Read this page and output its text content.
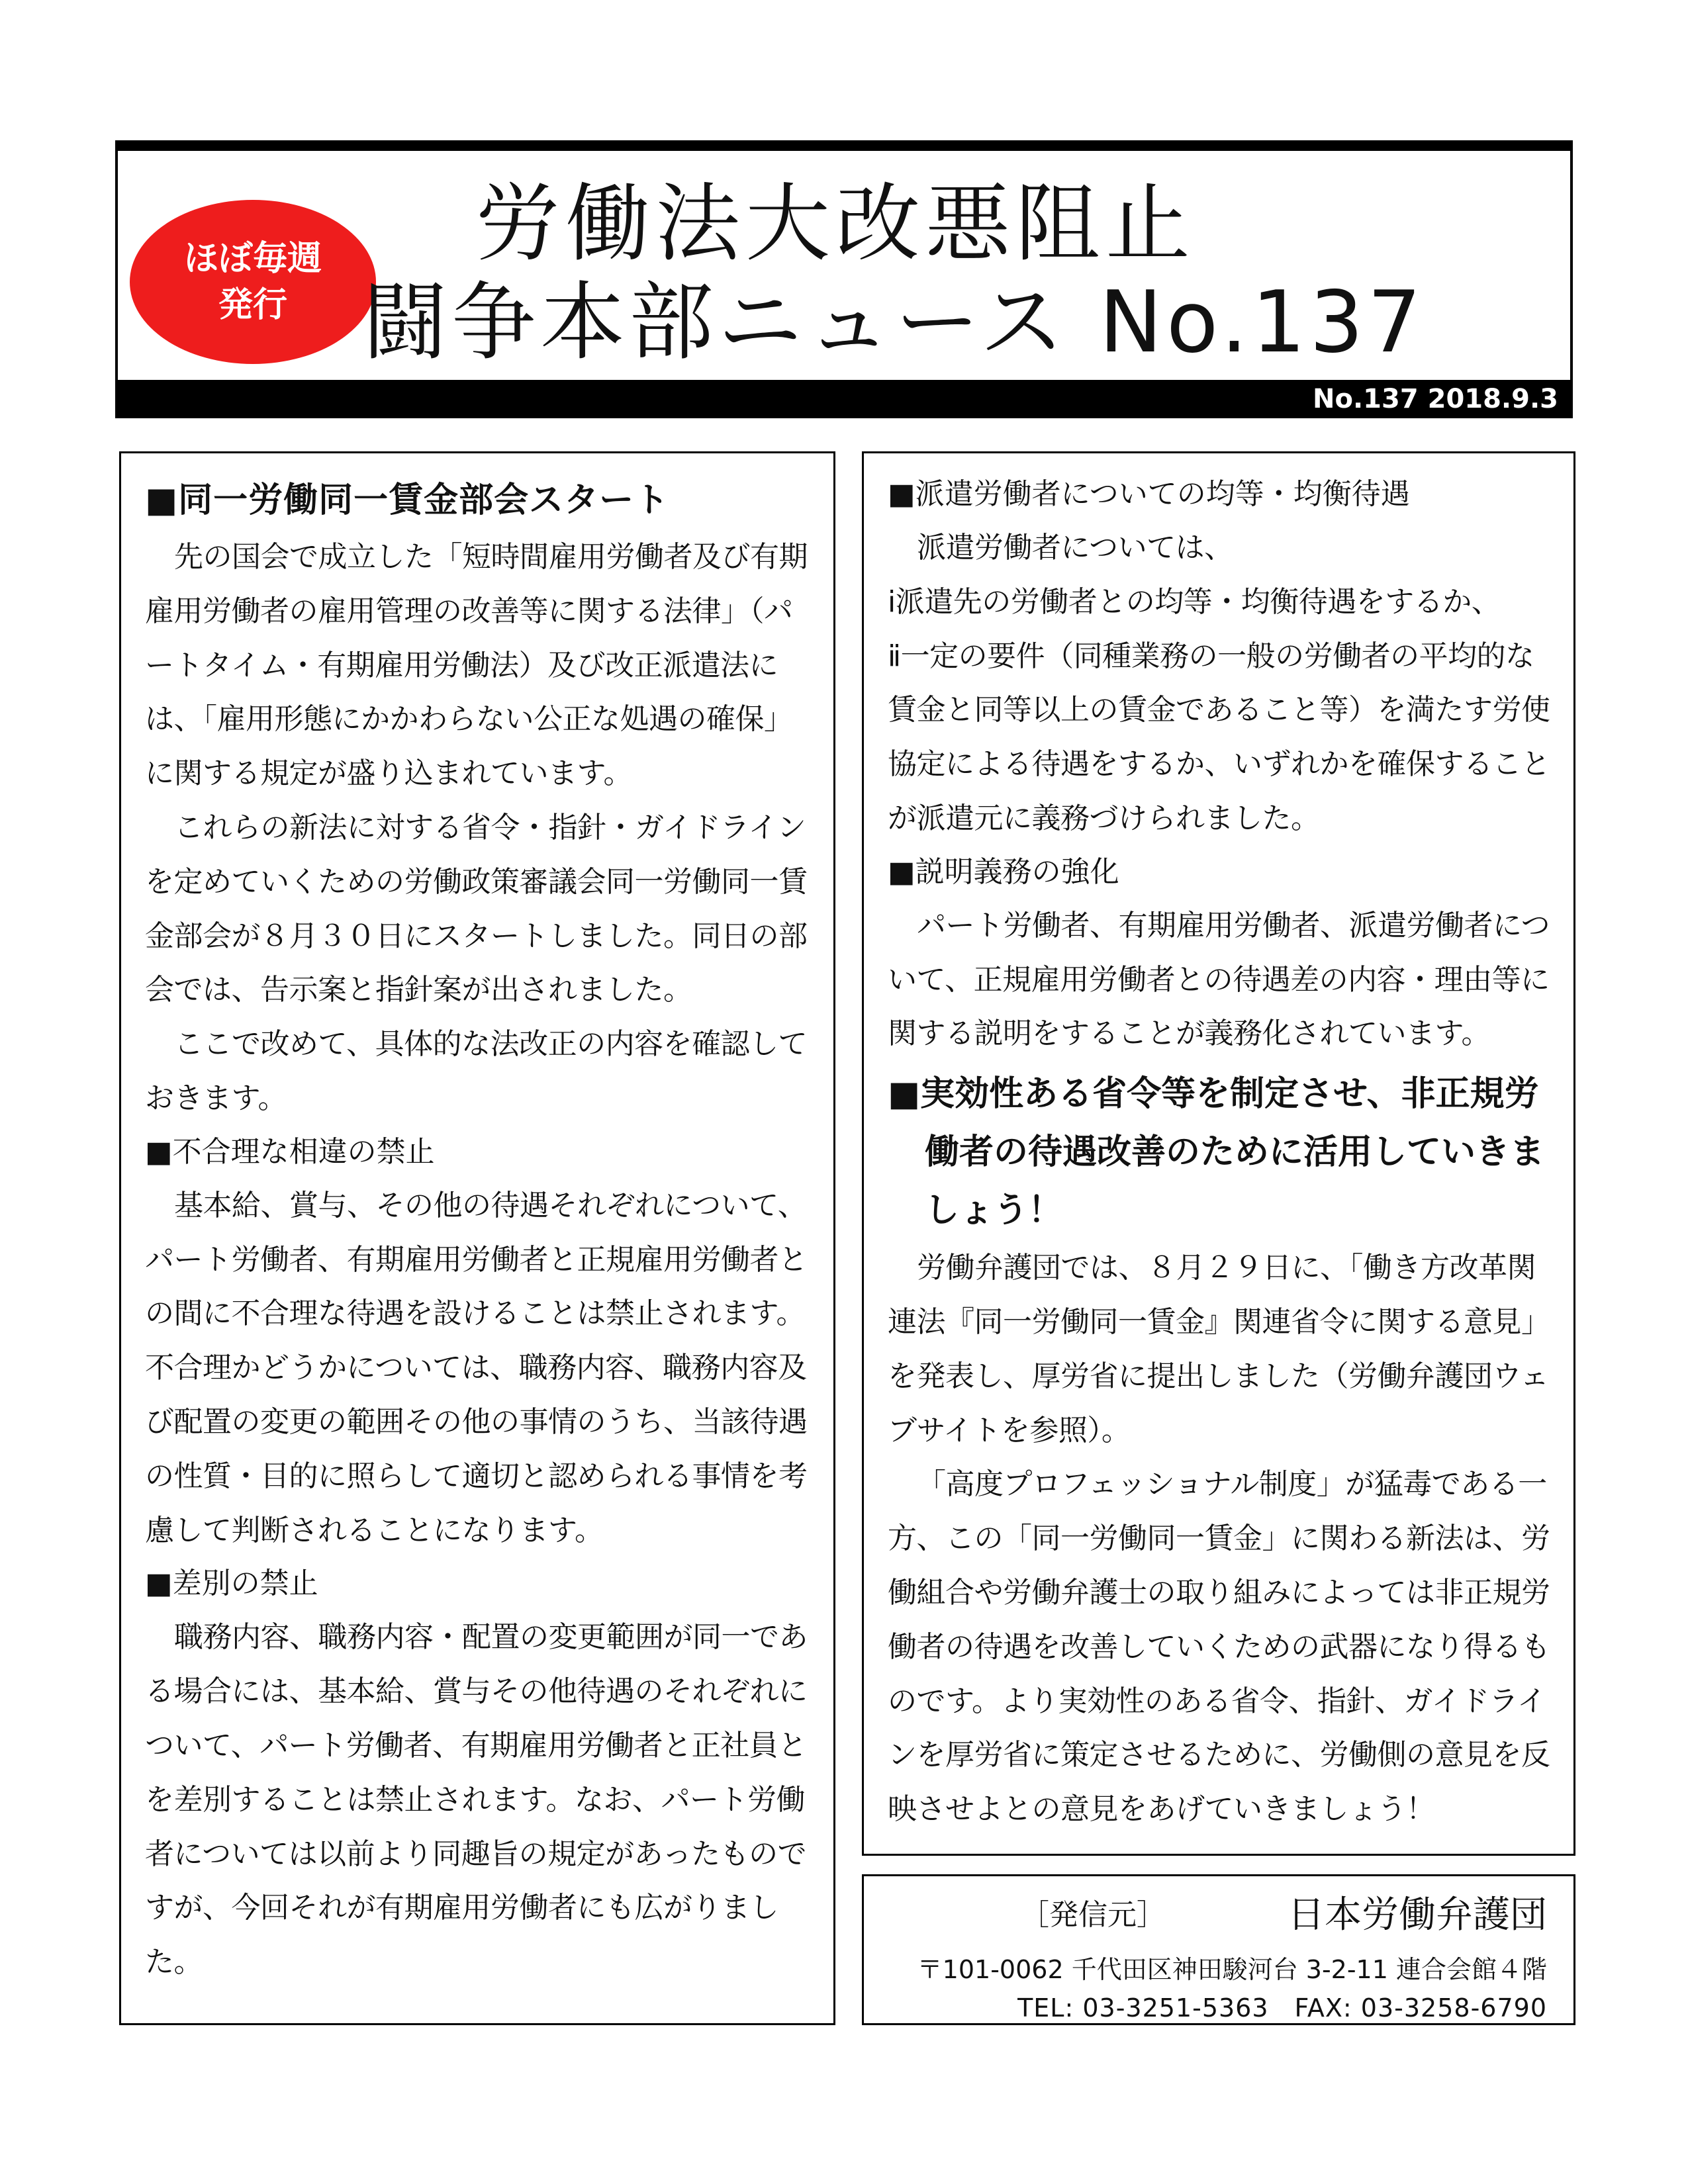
ほぼ毎週
発行
労働法大改悪阻止
闘争本部ニュース No.137
No.137 2018.9.3

■同一労働同一賃金部会スタート

先の国会で成立した「短時間雇用労働者及び有期雇用労働者の雇用管理の改善等に関する法律」（パートタイム・有期雇用労働法）及び改正派遣法には、「雇用形態にかかわらない公正な処遇の確保」に関する規定が盛り込まれています。

これらの新法に対する省令・指針・ガイドラインを定めていくための労働政策審議会同一労働同一賃金部会が８月３０日にスタートしました。同日の部会では、告示案と指針案が出されました。

ここで改めて、具体的な法改正の内容を確認しておきます。

■不合理な相違の禁止

基本給、賞与、その他の待遇それぞれについて、パート労働者、有期雇用労働者と正規雇用労働者との間に不合理な待遇を設けることは禁止されます。不合理かどうかについては、職務内容、職務内容及び配置の変更の範囲その他の事情のうち、当該待遇の性質・目的に照らして適切と認められる事情を考慮して判断されることになります。

■差別の禁止

職務内容、職務内容・配置の変更範囲が同一である場合には、基本給、賞与その他待遇のそれぞれについて、パート労働者、有期雇用労働者と正社員とを差別することは禁止されます。なお、パート労働者については以前より同趣旨の規定があったものですが、今回それが有期雇用労働者にも広がりました。

■派遣労働者についての均等・均衡待遇

派遣労働者については、

ⅰ派遣先の労働者との均等・均衡待遇をするか、

ⅱ一定の要件（同種業務の一般の労働者の平均的な賃金と同等以上の賃金であること等）を満たす労使協定による待遇をするか、いずれかを確保することが派遣元に義務づけられました。

■説明義務の強化

パート労働者、有期雇用労働者、派遣労働者について、正規雇用労働者との待遇差の内容・理由等に関する説明をすることが義務化されています。

■実効性ある省令等を制定させ、非正規労働者の待遇改善のために活用していきましょう！

労働弁護団では、８月２９日に、「働き方改革関連法『同一労働同一賃金』関連省令に関する意見」を発表し、厚労省に提出しました（労働弁護団ウェブサイトを参照）。

「高度プロフェッショナル制度」が猛毒である一方、この「同一労働同一賃金」に関わる新法は、労働組合や労働弁護士の取り組みによっては非正規労働者の待遇を改善していくための武器になり得るものです。より実効性のある省令、指針、ガイドラインを厚労省に策定させるために、労働側の意見を反映させよとの意見をあげていきましょう！

［発信元］	日本労働弁護団
〒101-0062 千代田区神田駿河台 3-2-11 連合会館４階
TEL: 03-3251-5363　FAX: 03-3258-6790
